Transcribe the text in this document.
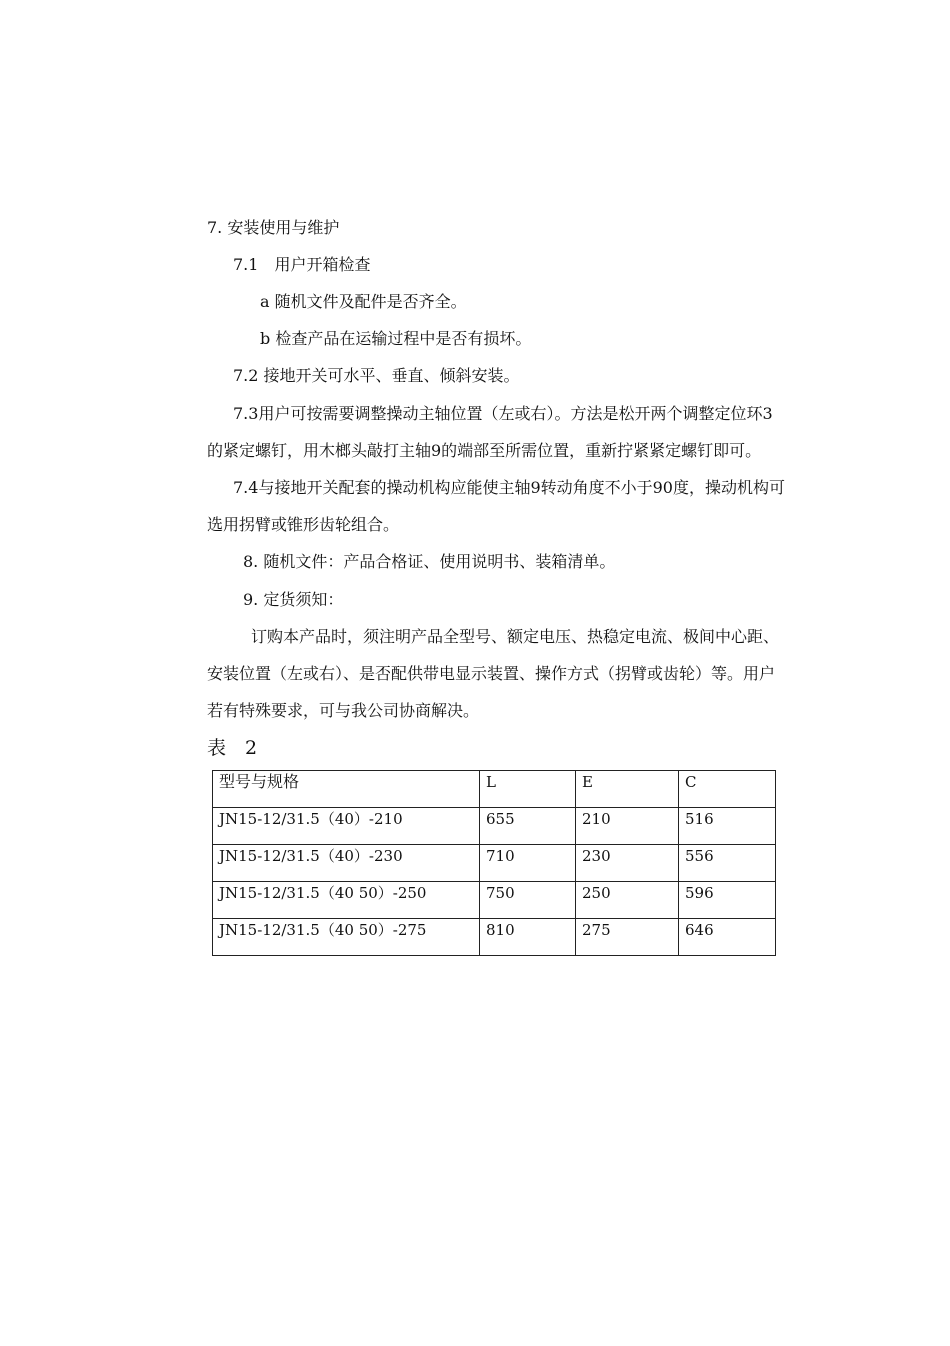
7. 安装使用与维护
7.1　用户开箱检查
a 随机文件及配件是否齐全。
b 检查产品在运输过程中是否有损坏。
7.2 接地开关可水平、垂直、倾斜安装。
7.3用户可按需要调整操动主轴位置（左或右）。方法是松开两个调整定位环3
的紧定螺钉，用木榔头敲打主轴9的端部至所需位置，重新拧紧紧定螺钉即可。
7.4与接地开关配套的操动机构应能使主轴9转动角度不小于90度，操动机构可
选用拐臂或锥形齿轮组合。
8. 随机文件：产品合格证、使用说明书、装箱清单。
9. 定货须知：
订购本产品时，须注明产品全型号、额定电压、热稳定电流、极间中心距、
安装位置（左或右）、是否配供带电显示装置、操作方式（拐臂或齿轮）等。用户
若有特殊要求，可与我公司协商解决。
表　2
型号与规格	L	E	C
JN15-12/31.5（40）-210	655	210	516
JN15-12/31.5（40）-230	710	230	556
JN15-12/31.5（40 50）-250	750	250	596
JN15-12/31.5（40 50）-275	810	275	646
